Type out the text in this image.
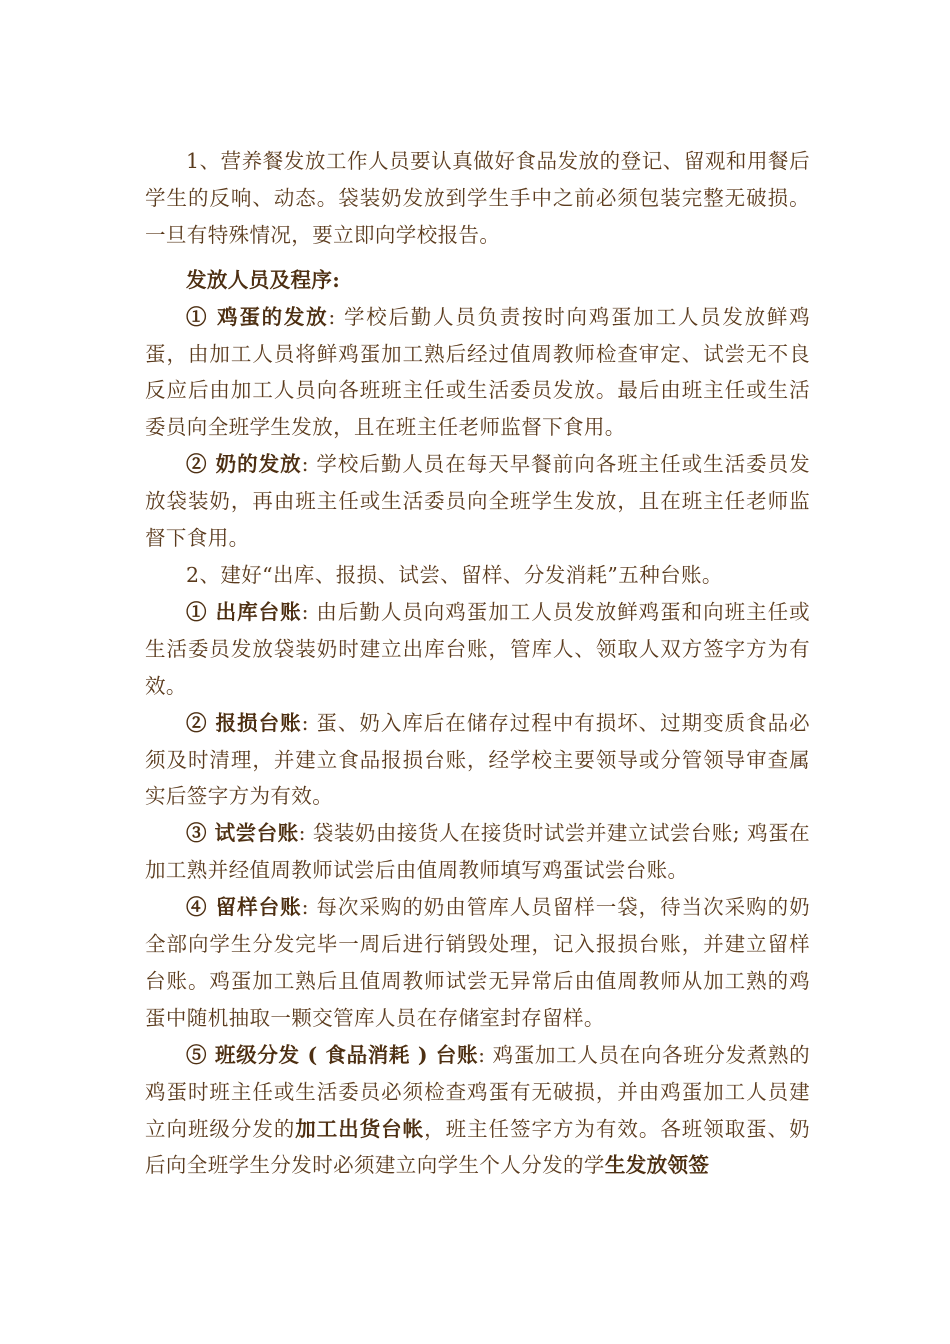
1、营养餐发放工作人员要认真做好食品发放的登记、留观和用餐后学生的反响、动态。袋装奶发放到学生手中之前必须包装完整无破损。一旦有特殊情况，要立即向学校报告。

发放人员及程序:

① 鸡蛋的发放: 学校后勤人员负责按时向鸡蛋加工人员发放鲜鸡蛋，由加工人员将鲜鸡蛋加工熟后经过值周教师检查审定、试尝无不良反应后由加工人员向各班班主任或生活委员发放。最后由班主任或生活委员向全班学生发放，且在班主任老师监督下食用。

② 奶的发放: 学校后勤人员在每天早餐前向各班主任或生活委员发放袋装奶，再由班主任或生活委员向全班学生发放，且在班主任老师监督下食用。

2、建好“出库、报损、试尝、留样、分发消耗”五种台账。

① 出库台账: 由后勤人员向鸡蛋加工人员发放鲜鸡蛋和向班主任或生活委员发放袋装奶时建立出库台账，管库人、领取人双方签字方为有效。

② 报损台账: 蛋、奶入库后在储存过程中有损坏、过期变质食品必须及时清理，并建立食品报损台账，经学校主要领导或分管领导审查属实后签字方为有效。

③ 试尝台账: 袋装奶由接货人在接货时试尝并建立试尝台账; 鸡蛋在加工熟并经值周教师试尝后由值周教师填写鸡蛋试尝台账。

④ 留样台账: 每次采购的奶由管库人员留样一袋，待当次采购的奶全部向学生分发完毕一周后进行销毁处理，记入报损台账，并建立留样台账。鸡蛋加工熟后且值周教师试尝无异常后由值周教师从加工熟的鸡蛋中随机抽取一颗交管库人员在存储室封存留样。

⑤ 班级分发 ( 食品消耗 ) 台账: 鸡蛋加工人员在向各班分发煮熟的鸡蛋时班主任或生活委员必须检查鸡蛋有无破损，并由鸡蛋加工人员建立向班级分发的加工出货台帐，班主任签字方为有效。各班领取蛋、奶后向全班学生分发时必须建立向学生个人分发的学生发放领签
